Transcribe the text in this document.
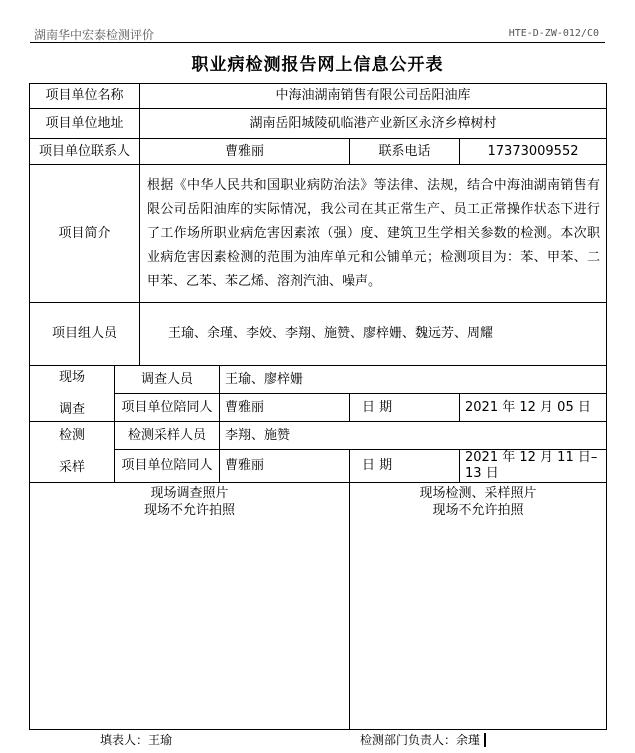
湖南华中宏泰检测评价	HTE-D-ZW-012/C0
职业病检测报告网上信息公开表
项目单位名称		中海油湖南销售有限公司岳阳油库			
项目单位地址		湖南岳阳城陵矶临港产业新区永济乡樟树村			
项目单位联系人		曹雅丽		联系电话	17373009552
项目简介		根据《中华人民共和国职业病防治法》等法律、法规，结合中海油湖南销售有限公司岳阳油库的实际情况，我公司在其正常生产、员工正常操作状态下进行了工作场所职业病危害因素浓（强）度、建筑卫生学相关参数的检测。本次职业病危害因素检测的范围为油库单元和公铺单元；检测项目为：苯、甲苯、二甲苯、乙苯、苯乙烯、溶剂汽油、噪声。			
项目组人员		王瑜、余瑾、李姣、李翔、施赞、廖梓姗、魏远芳、周耀			
现场

调查	调查人员		王瑜、廖梓姗		
	项目单位陪同人		曹雅丽	日 期	2021 年 12 月 05 日
检测

采样	检测采样人员		李翔、施赞		
	项目单位陪同人		曹雅丽	日 期	2021 年 12 月 11 日–13 日
现场调查照片
现场不允许拍照				现场检测、采样照片
现场不允许拍照	
填表人：王瑜	检测部门负责人：余瑾
